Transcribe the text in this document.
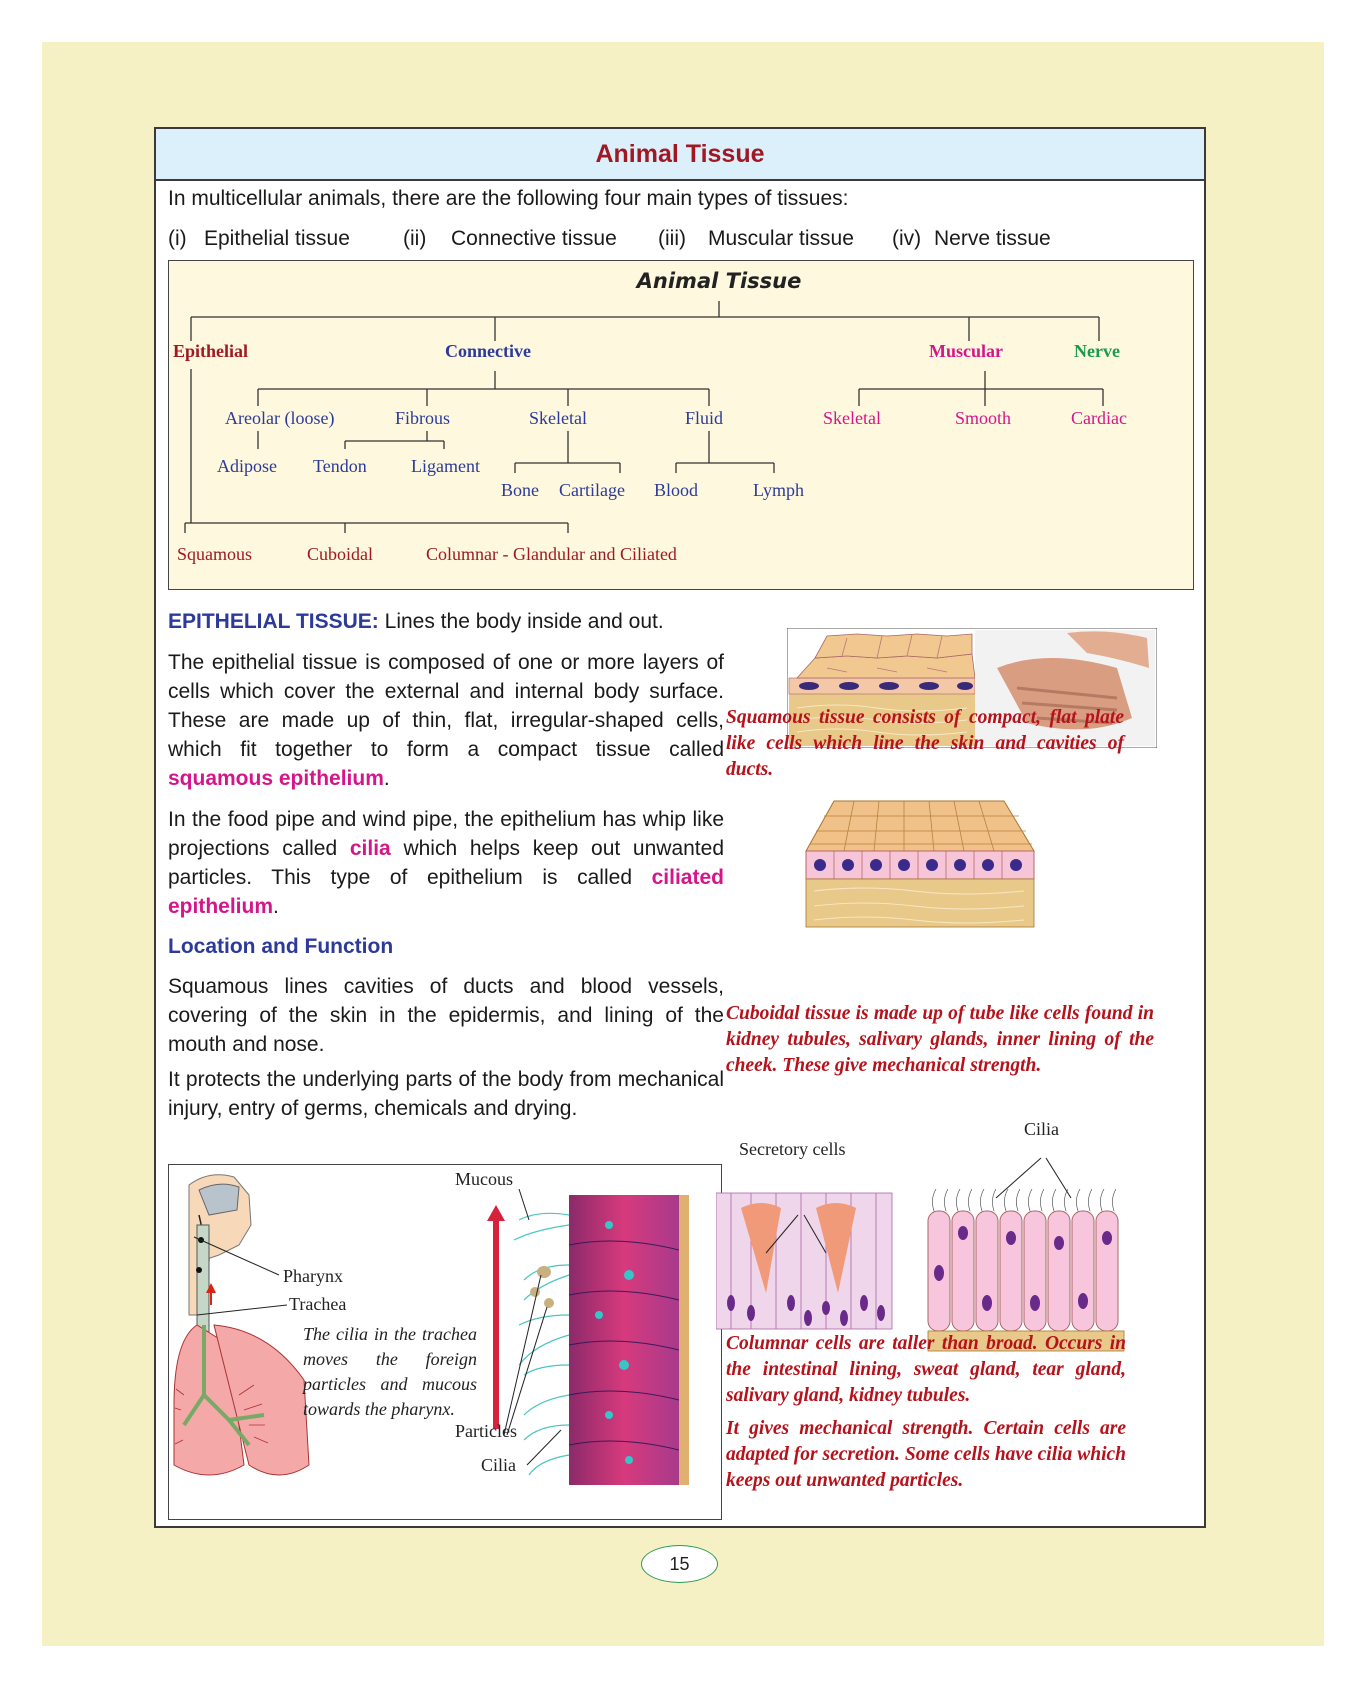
Animal Tissue
In multicellular animals, there are the following four main types of tissues:
(i) Epithelial tissue	(ii) Connective tissue (iii) Muscular tissue (iv) Nerve tissue
Animal Tissue
Epithelial	Connective	Muscular	Nerve
Areolar (loose)	Fibrous	Skeletal	Fluid
Adipose Tendon Ligament
Bone Cartilage Blood	Lymph
Skeletal	Smooth	Cardiac
Squamous	Cuboidal	Columnar - Glandular and Ciliated
EPITHELIAL TISSUE: Lines the body inside and out.
The epithelial tissue is composed of one or more layers of cells which cover the external and internal body surface. These are made up of thin, flat, irregular-shaped cells, which fit together to form a compact tissue called squamous epithelium.
In the food pipe and wind pipe, the epithelium has whip like projections called cilia which helps keep out unwanted particles. This type of epithelium is called ciliated epithelium.
Location and Function
Squamous lines cavities of ducts and blood vessels, covering of the skin in the epidermis, and lining of the mouth and nose.
It protects the underlying parts of the body from mechanical injury, entry of germs, chemicals and drying.
Mucous
Pharynx
Trachea
The cilia in the trachea moves the foreign particles and mucous towards the pharynx.
Particles
Cilia
Squamous tissue consists of compact, flat plate like cells which line the skin and cavities of ducts.
Cuboidal tissue is made up of tube like cells found in kidney tubules, salivary glands, inner lining of the cheek. These give mechanical strength.
Secretory cells
Cilia
Columnar cells are taller than broad. Occurs in the intestinal lining, sweat gland, tear gland, salivary gland, kidney tubules.
It gives mechanical strength. Certain cells are adapted for secretion. Some cells have cilia which keeps out unwanted particles.
15
